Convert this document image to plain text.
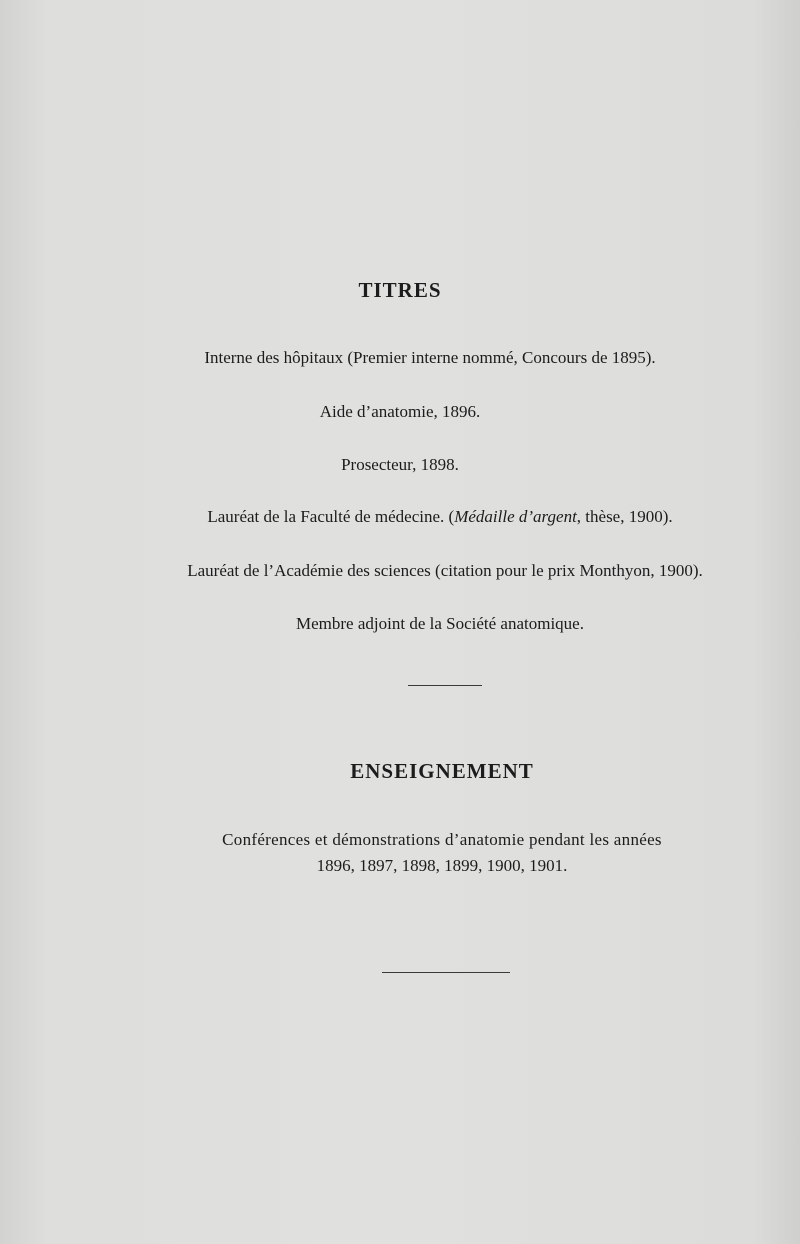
TITRES
Interne des hôpitaux (Premier interne nommé, Concours de 1895).
Aide d’anatomie, 1896.
Prosecteur, 1898.
Lauréat de la Faculté de médecine. (Médaille d’argent, thèse, 1900).
Lauréat de l’Académie des sciences (citation pour le prix Monthyon, 1900).
Membre adjoint de la Société anatomique.
ENSEIGNEMENT
Conférences et démonstrations d’anatomie pendant les années
1896, 1897, 1898, 1899, 1900, 1901.
